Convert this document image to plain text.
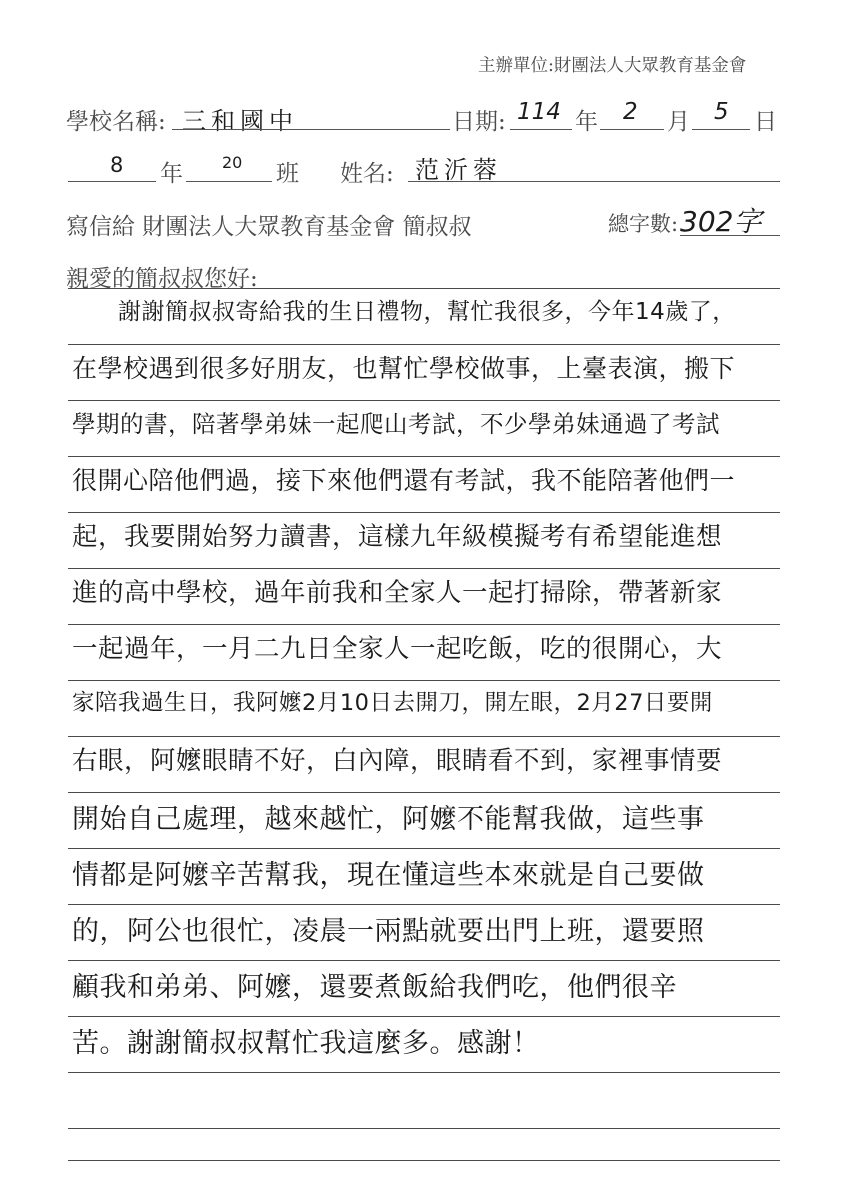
主辦單位:財團法人大眾教育基金會
學校名稱: 三和國中	日期: 114 年 2 月 5 日
8 年 20 班 姓名: 范沂蓉
寫信給 財團法人大眾教育基金會 簡叔叔	總字數: 302字
親愛的簡叔叔您好:
謝謝簡叔叔寄給我的生日禮物，幫忙我很多，今年14歲了，
在學校遇到很多好朋友，也幫忙學校做事，上臺表演，搬下
學期的書，陪著學弟妹一起爬山考試，不少學弟妹通過了考試
很開心陪他們過，接下來他們還有考試，我不能陪著他們一
起，我要開始努力讀書，這樣九年級模擬考有希望能進想
進的高中學校，過年前我和全家人一起打掃除，帶著新家
一起過年，一月二九日全家人一起吃飯，吃的很開心，大
家陪我過生日，我阿嬤2月10日去開刀，開左眼，2月27日要開
右眼，阿嬤眼睛不好，白內障，眼睛看不到，家裡事情要
開始自己處理，越來越忙，阿嬤不能幫我做，這些事
情都是阿嬤辛苦幫我，現在懂這些本來就是自己要做
的，阿公也很忙，凌晨一兩點就要出門上班，還要照
顧我和弟弟、阿嬤，還要煮飯給我們吃，他們很辛
苦。謝謝簡叔叔幫忙我這麼多。感謝！
